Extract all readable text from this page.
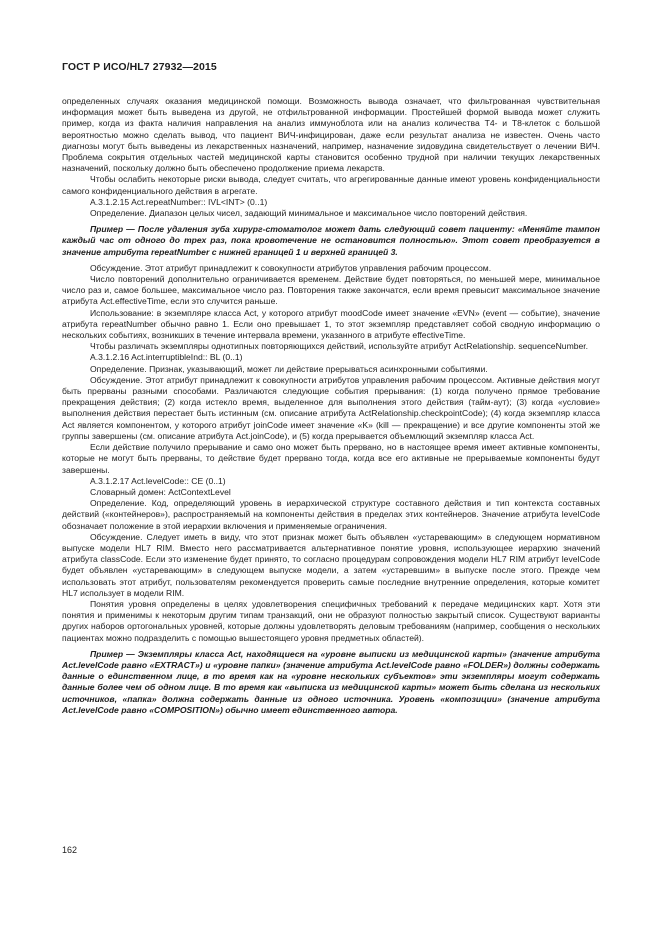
ГОСТ Р ИСО/HL7 27932—2015

определенных случаях оказания медицинской помощи. Возможность вывода означает, что фильтрованная чувствительная информация может быть выведена из другой, не отфильтрованной информации. Простейшей формой вывода может служить пример, когда из факта наличия направления на анализ иммуноблота или на анализ количества Т4- и Т8-клеток с большой вероятностью можно сделать вывод, что пациент ВИЧ-инфицирован, даже если результат анализа не известен. Очень часто диагнозы могут быть выведены из лекарственных назначений, например, назначение зидовудина свидетельствует о лечении ВИЧ. Проблема сокрытия отдельных частей медицинской карты становится особенно трудной при наличии текущих лекарственных назначений, поскольку должно быть обеспечено продолжение приема лекарств.

Чтобы ослабить некоторые риски вывода, следует считать, что агрегированные данные имеют уровень конфиденциальности самого конфиденциального действия в агрегате.

A.3.1.2.15 Act.repeatNumber:: IVL<INT> (0..1)

Определение. Диапазон целых чисел, задающий минимальное и максимальное число повторений действия.

Пример — После удаления зуба хирург-стоматолог может дать следующий совет пациенту: «Меняйте тампон каждый час от одного до трех раз, пока кровотечение не остановится полностью». Этот совет преобразуется в значение атрибута repeatNumber с нижней границей 1 и верхней границей 3.

Обсуждение. Этот атрибут принадлежит к совокупности атрибутов управления рабочим процессом.

Число повторений дополнительно ограничивается временем. Действие будет повторяться, по меньшей мере, минимальное число раз и, самое большее, максимальное число раз. Повторения также закончатся, если время превысит максимальное значение атрибута Act.effectiveTime, если это случится раньше.

Использование: в экземпляре класса Act, у которого атрибут moodCode имеет значение «EVN» (event — событие), значение атрибута repeatNumber обычно равно 1. Если оно превышает 1, то этот экземпляр представляет собой сводную информацию о нескольких событиях, возникших в течение интервала времени, указанного в атрибуте effectiveTime.

Чтобы различать экземпляры однотипных повторяющихся действий, используйте атрибут ActRelationship. sequenceNumber.

A.3.1.2.16 Act.interruptibleInd:: BL (0..1)

Определение. Признак, указывающий, может ли действие прерываться асинхронными событиями.

Обсуждение. Этот атрибут принадлежит к совокупности атрибутов управления рабочим процессом. Активные действия могут быть прерваны разными способами. Различаются следующие события прерывания: (1) когда получено прямое требование прекращения действия; (2) когда истекло время, выделенное для выполнения этого действия (тайм-аут); (3) когда «условие» выполнения действия перестает быть истинным (см. описание атрибута ActRelationship.checkpointCode); (4) когда экземпляр класса Act является компонентом, у которого атрибут joinCode имеет значение «K» (kill — прекращение) и все другие компоненты этой же группы завершены (см. описание атрибута Act.joinCode), и (5) когда прерывается объемлющий экземпляр класса Act.

Если действие получило прерывание и само оно может быть прервано, но в настоящее время имеет активные компоненты, которые не могут быть прерваны, то действие будет прервано тогда, когда все его активные не прерываемые компоненты будут завершены.

A.3.1.2.17 Act.levelCode:: CE (0..1)

Словарный домен: ActContextLevel

Определение. Код, определяющий уровень в иерархической структуре составного действия и тип контекста составных действий («контейнеров»), распространяемый на компоненты действия в пределах этих контейнеров. Значение атрибута levelCode обозначает положение в этой иерархии включения и применяемые ограничения.

Обсуждение. Следует иметь в виду, что этот признак может быть объявлен «устаревающим» в следующем нормативном выпуске модели HL7 RIM. Вместо него рассматривается альтернативное понятие уровня, использующее иерархию значений атрибута classCode. Если это изменение будет принято, то согласно процедурам сопровождения модели HL7 RIM атрибут levelCode будет объявлен «устаревающим» в следующем выпуске модели, а затем «устаревшим» в выпуске после этого. Прежде чем использовать этот атрибут, пользователям рекомендуется проверить самые последние внутренние определения, которые комитет HL7 использует в модели RIM.

Понятия уровня определены в целях удовлетворения специфичных требований к передаче медицинских карт. Хотя эти понятия и применимы к некоторым другим типам транзакций, они не образуют полностью закрытый список. Существуют варианты других наборов ортогональных уровней, которые должны удовлетворять деловым требованиям (например, сообщения о нескольких пациентах можно подразделить с помощью вышестоящего уровня предметных областей).

Пример — Экземпляры класса Act, находящиеся на «уровне выписки из медицинской карты» (значение атрибута Act.levelCode равно «EXTRACT») и «уровне папки» (значение атрибута Act.levelCode равно «FOLDER») должны содержать данные о единственном лице, в то время как на «уровне нескольких субъектов» эти экземпляры могут содержать данные более чем об одном лице. В то время как «выписка из медицинской карты» может быть сделана из нескольких источников, «папка» должна содержать данные из одного источника. Уровень «композиции» (значение атрибута Act.levelCode равно «COMPOSITION») обычно имеет единственного автора.

162
